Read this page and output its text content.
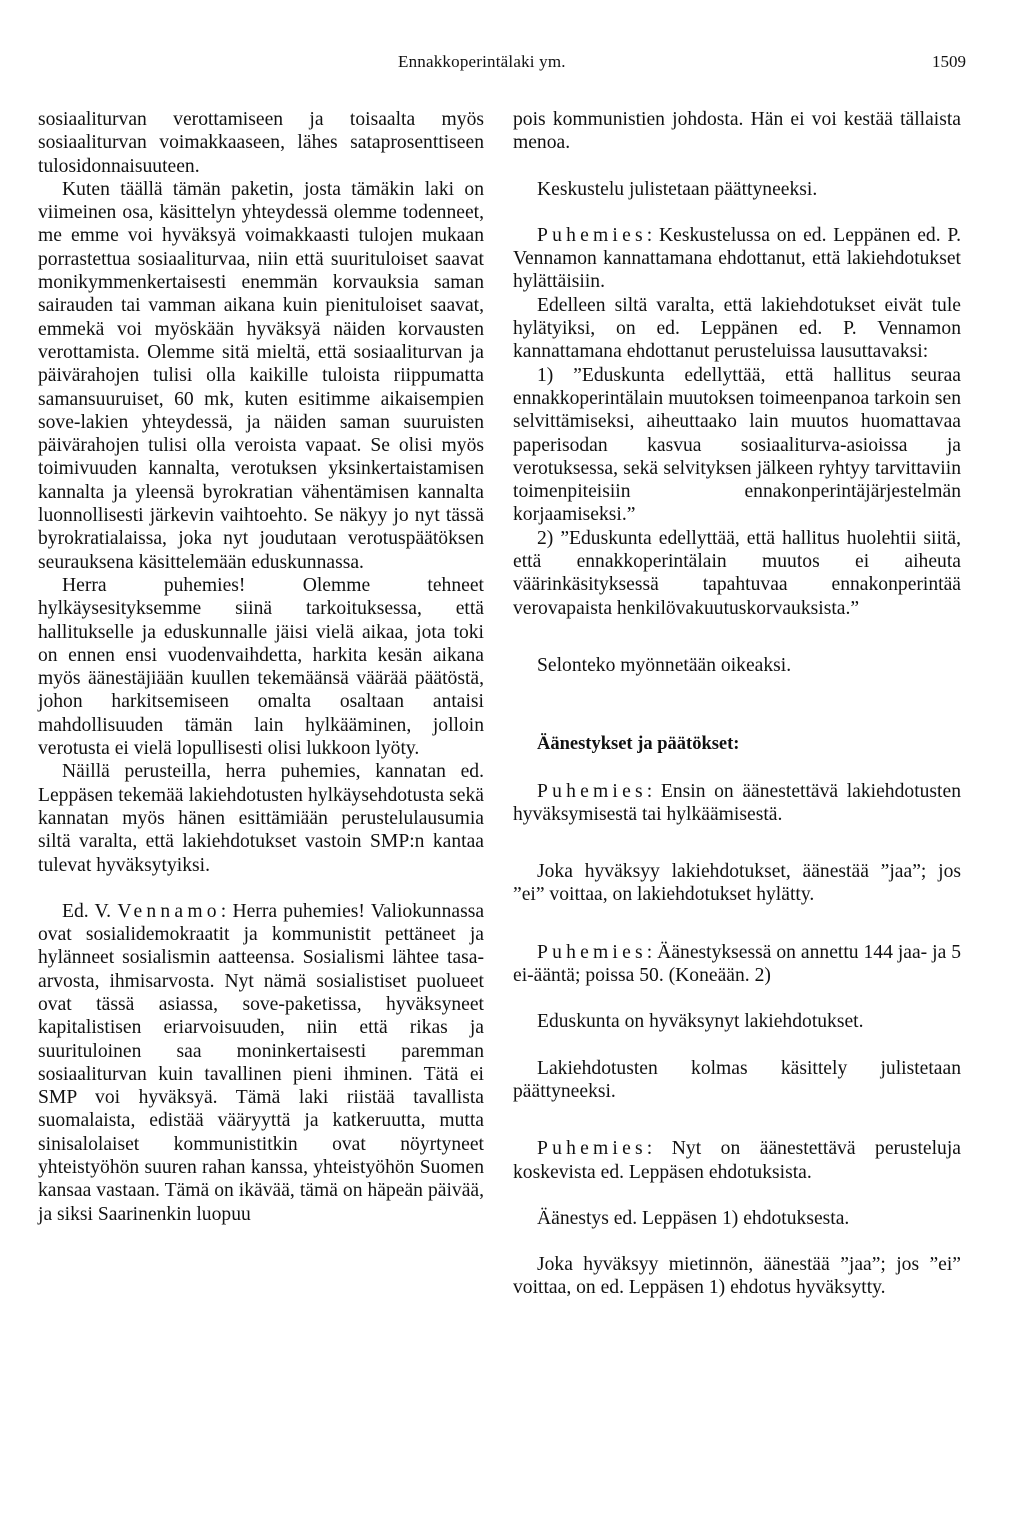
Ennakkoperintälaki ym.	1509

sosiaaliturvan verottamiseen ja toisaalta myös sosiaaliturvan voimakkaaseen, lähes sataprosenttiseen tulosidonnaisuuteen.

Kuten täällä tämän paketin, josta tämäkin laki on viimeinen osa, käsittelyn yhteydessä olemme todenneet, me emme voi hyväksyä voimakkaasti tulojen mukaan porrastettua sosiaaliturvaa, niin että suurituloiset saavat monikymmenkertaisesti enemmän korvauksia saman sairauden tai vamman aikana kuin pienituloiset saavat, emmekä voi myöskään hyväksyä näiden korvausten verottamista. Olemme sitä mieltä, että sosiaaliturvan ja päivärahojen tulisi olla kaikille tuloista riippumatta samansuuruiset, 60 mk, kuten esitimme aikaisempien sove-lakien yhteydessä, ja näiden saman suuruisten päivärahojen tulisi olla veroista vapaat. Se olisi myös toimivuuden kannalta, verotuksen yksinkertaistamisen kannalta ja yleensä byrokratian vähentämisen kannalta luonnollisesti järkevin vaihtoehto. Se näkyy jo nyt tässä byrokratialaissa, joka nyt joudutaan verotuspäätöksen seurauksena käsittelemään eduskunnassa.

Herra puhemies! Olemme tehneet hylkäysesityksemme siinä tarkoituksessa, että hallitukselle ja eduskunnalle jäisi vielä aikaa, jota toki on ennen ensi vuodenvaihdetta, harkita kesän aikana myös äänestäjiään kuullen tekemäänsä väärää päätöstä, johon harkitsemiseen omalta osaltaan antaisi mahdollisuuden tämän lain hylkääminen, jolloin verotusta ei vielä lopullisesti olisi lukkoon lyöty.

Näillä perusteilla, herra puhemies, kannatan ed. Leppäsen tekemää lakiehdotusten hylkäysehdotusta sekä kannatan myös hänen esittämiään perustelulausumia siltä varalta, että lakiehdotukset vastoin SMP:n kantaa tulevat hyväksytyiksi.

Ed. V. Vennamo: Herra puhemies! Valiokunnassa ovat sosialidemokraatit ja kommunistit pettäneet ja hylänneet sosialismin aatteensa. Sosialismi lähtee tasa-arvosta, ihmisarvosta. Nyt nämä sosialistiset puolueet ovat tässä asiassa, sove-paketissa, hyväksyneet kapitalistisen eriarvoisuuden, niin että rikas ja suurituloinen saa moninkertaisesti paremman sosiaaliturvan kuin tavallinen pieni ihminen. Tätä ei SMP voi hyväksyä. Tämä laki riistää tavallista suomalaista, edistää vääryyttä ja katkeruutta, mutta sinisalolaiset kommunistitkin ovat nöyrtyneet yhteistyöhön suuren rahan kanssa, yhteistyöhön Suomen kansaa vastaan. Tämä on ikävää, tämä on häpeän päivää, ja siksi Saarinenkin luopuu

pois kommunistien johdosta. Hän ei voi kestää tällaista menoa.

Keskustelu julistetaan päättyneeksi.

Puhemies: Keskustelussa on ed. Leppänen ed. P. Vennamon kannattamana ehdottanut, että lakiehdotukset hylättäisiin.

Edelleen siltä varalta, että lakiehdotukset eivät tule hylätyiksi, on ed. Leppänen ed. P. Vennamon kannattamana ehdottanut perusteluissa lausuttavaksi:

1) ”Eduskunta edellyttää, että hallitus seuraa ennakkoperintälain muutoksen toimeenpanoa tarkoin sen selvittämiseksi, aiheuttaako lain muutos huomattavaa paperisodan kasvua sosiaaliturva-asioissa ja verotuksessa, sekä selvityksen jälkeen ryhtyy tarvittaviin toimenpiteisiin ennakonperintäjärjestelmän korjaamiseksi.”

2) ”Eduskunta edellyttää, että hallitus huolehtii siitä, että ennakkoperintälain muutos ei aiheuta väärinkäsityksessä tapahtuvaa ennakonperintää verovapaista henkilövakuutuskorvauksista.”

Selonteko myönnetään oikeaksi.

Äänestykset ja päätökset:

Puhemies: Ensin on äänestettävä lakiehdotusten hyväksymisestä tai hylkäämisestä.

Joka hyväksyy lakiehdotukset, äänestää ”jaa”; jos ”ei” voittaa, on lakiehdotukset hylätty.

Puhemies: Äänestyksessä on annettu 144 jaa- ja 5 ei-ääntä; poissa 50. (Koneään. 2)

Eduskunta on hyväksynyt lakiehdotukset.

Lakiehdotusten kolmas käsittely julistetaan päättyneeksi.

Puhemies: Nyt on äänestettävä perusteluja koskevista ed. Leppäsen ehdotuksista.

Äänestys ed. Leppäsen 1) ehdotuksesta.

Joka hyväksyy mietinnön, äänestää ”jaa”; jos ”ei” voittaa, on ed. Leppäsen 1) ehdotus hyväksytty.
